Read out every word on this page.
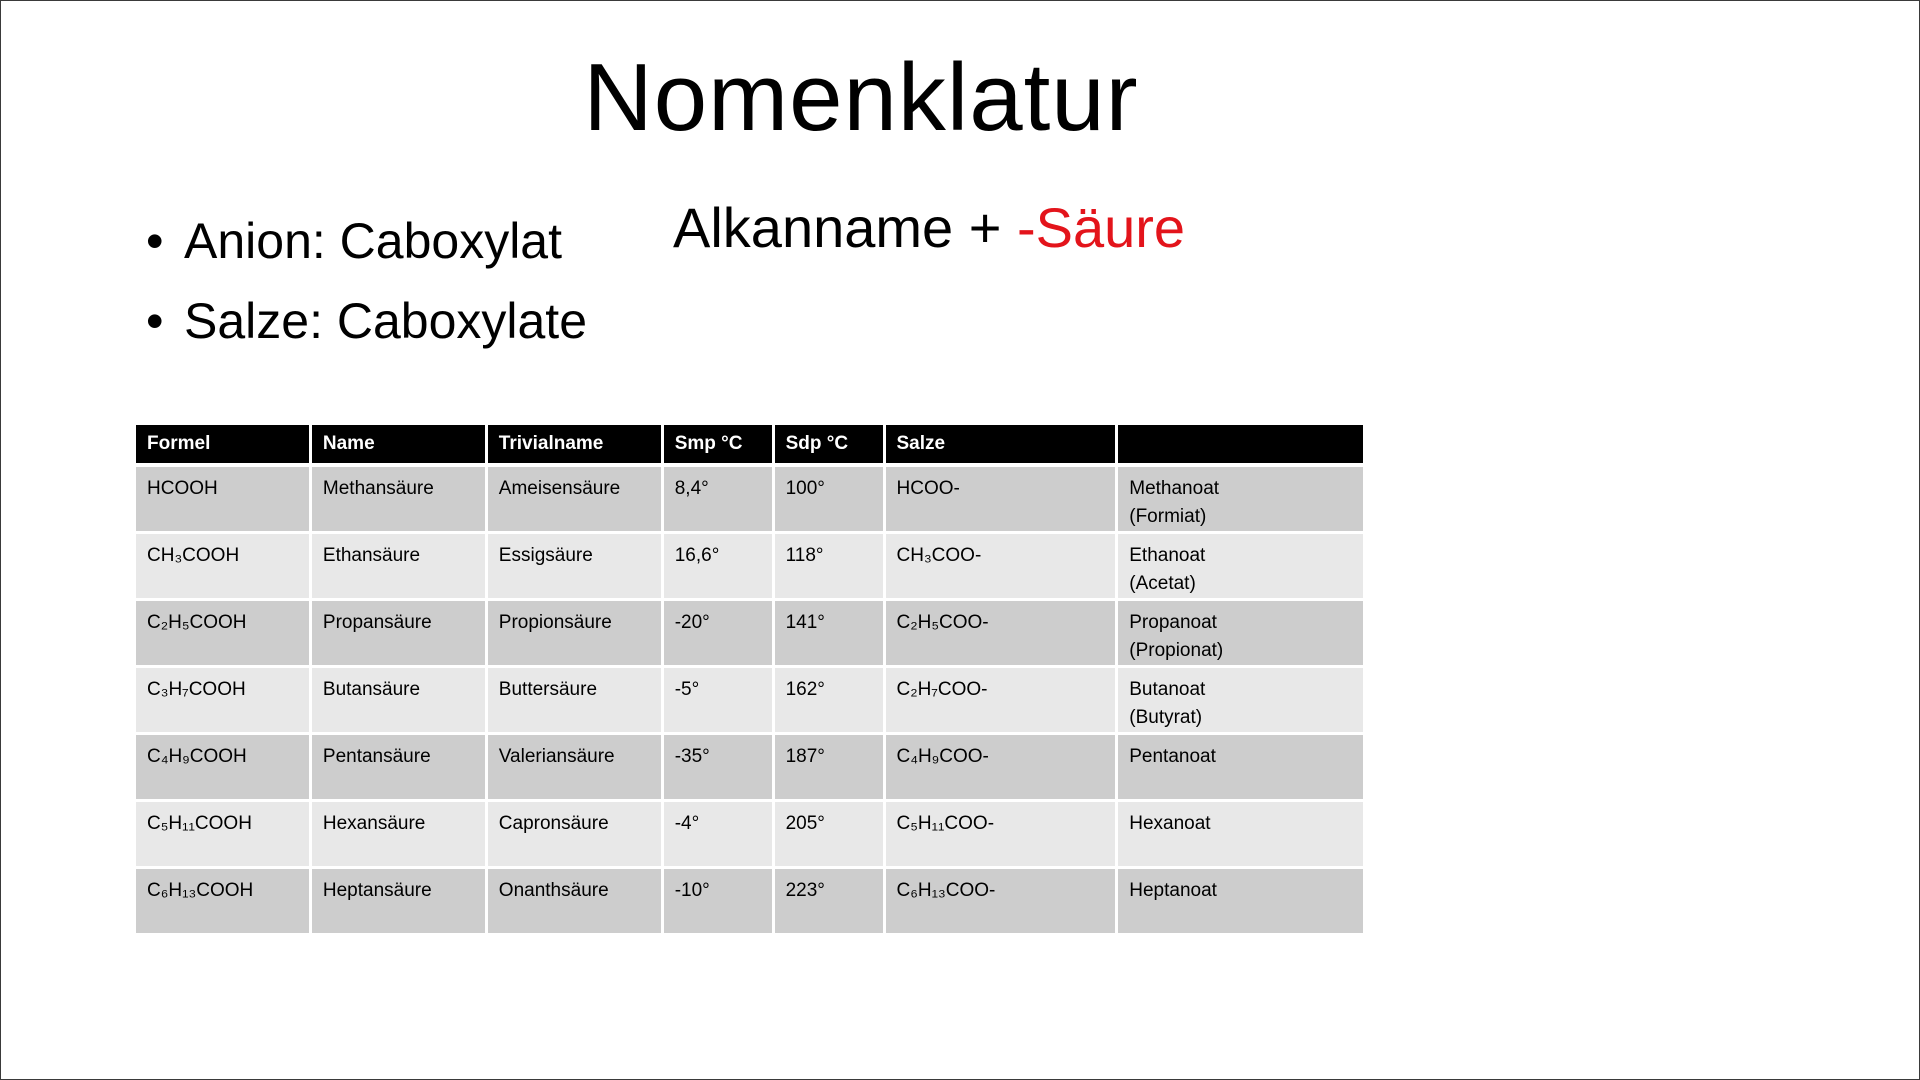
Nomenklatur
• Anion: Caboxylat
• Salze: Caboxylate
Alkanname + -Säure
Formel	Name	Trivialname	Smp °C	Sdp °C	Salze	
HCOOH	Methansäure	Ameisensäure	8,4°	100°	HCOO-	Methanoat
(Formiat)

CH₃COOH	Ethansäure	Essigsäure	16,6°	118°	CH₃COO-	Ethanoat
(Acetat)

C₂H₅COOH	Propansäure	Propionsäure	-20°	141°	C₂H₅COO-	Propanoat
(Propionat)

C₃H₇COOH	Butansäure	Buttersäure	-5°	162°	C₂H₇COO-	Butanoat
(Butyrat)

C₄H₉COOH	Pentansäure	Valeriansäure	-35°	187°	C₄H₉COO-	Pentanoat

C₅H₁₁COOH	Hexansäure	Capronsäure	-4°	205°	C₅H₁₁COO-	Hexanoat

C₆H₁₃COOH	Heptansäure	Onanthsäure	-10°	223°	C₆H₁₃COO-	Heptanoat
